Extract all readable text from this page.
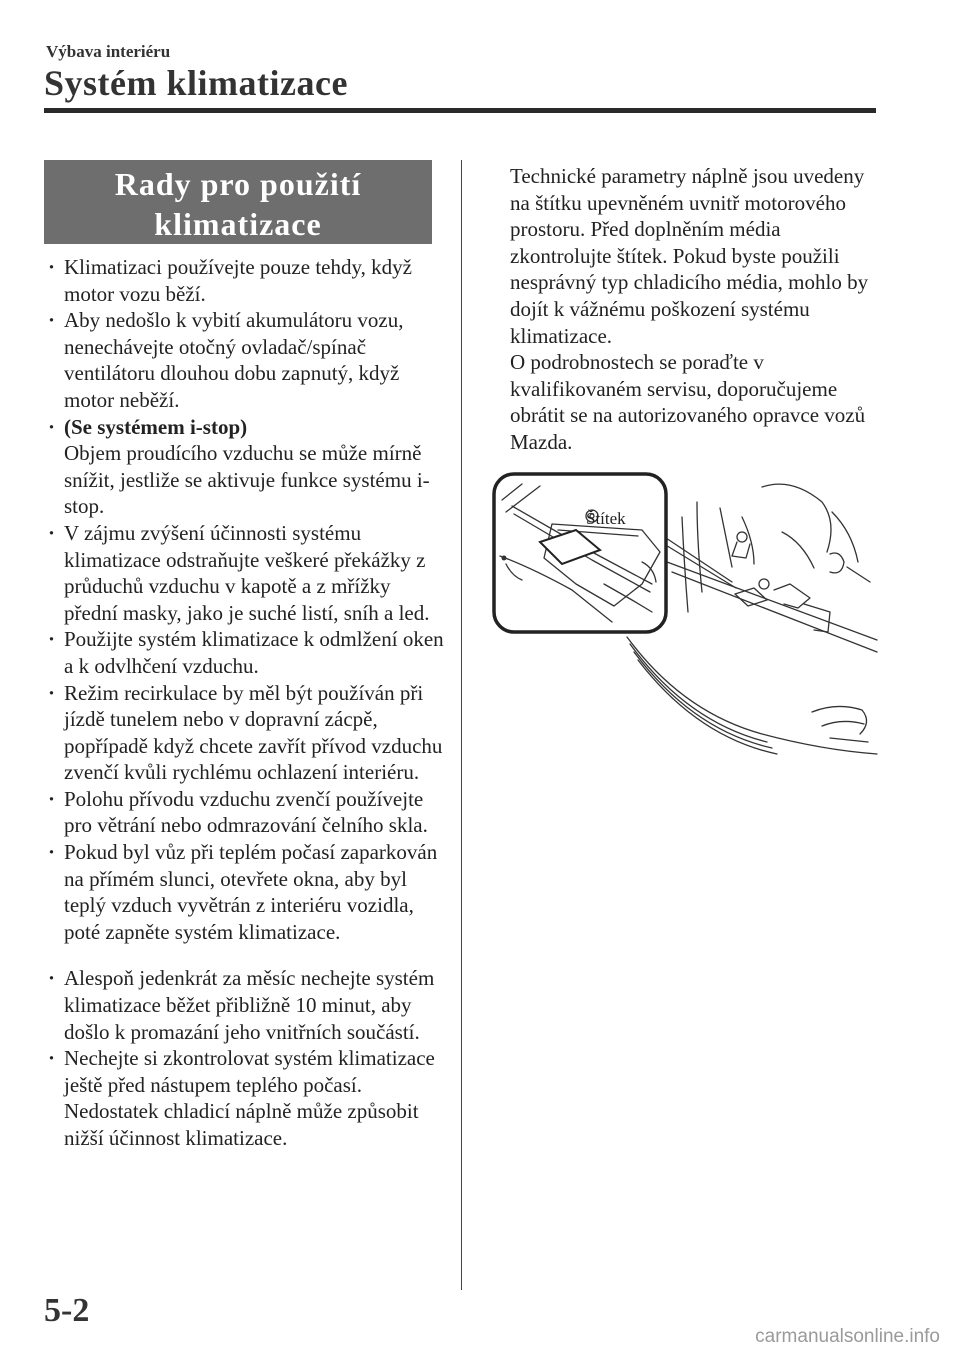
Výbava interiéru
Systém klimatizace
Rady pro použití
klimatizace
· Klimatizaci používejte pouze tehdy, když motor vozu běží.
· Aby nedošlo k vybití akumulátoru vozu, nenechávejte otočný ovladač/spínač ventilátoru dlouhou dobu zapnutý, když motor neběží.
· (Se systémem i-stop)
Objem proudícího vzduchu se může mírně snížit, jestliže se aktivuje funkce systému i-stop.
· V zájmu zvýšení účinnosti systému klimatizace odstraňujte veškeré překážky z průduchů vzduchu v kapotě a z mřížky přední masky, jako je suché listí, sníh a led.
· Použijte systém klimatizace k odmlžení oken a k odvlhčení vzduchu.
· Režim recirkulace by měl být používán při jízdě tunelem nebo v dopravní zácpě, popřípadě když chcete zavřít přívod vzduchu zvenčí kvůli rychlému ochlazení interiéru.
· Polohu přívodu vzduchu zvenčí používejte pro větrání nebo odmrazování čelního skla.
· Pokud byl vůz při teplém počasí zaparkován na přímém slunci, otevřete okna, aby byl teplý vzduch vyvětrán z interiéru vozidla, poté zapněte systém klimatizace.
· Alespoň jedenkrát za měsíc nechejte systém klimatizace běžet přibližně 10 minut, aby došlo k promazání jeho vnitřních součástí.
· Nechejte si zkontrolovat systém klimatizace ještě před nástupem teplého počasí. Nedostatek chladicí náplně může způsobit nižší účinnost klimatizace.

Technické parametry náplně jsou uvedeny na štítku upevněném uvnitř motorového prostoru. Před doplněním média zkontrolujte štítek. Pokud byste použili nesprávný typ chladicího média, mohlo by dojít k vážnému poškození systému klimatizace.

O podrobnostech se poraďte v kvalifikovaném servisu, doporučujeme obrátit se na autorizovaného opravce vozů Mazda.

Štítek
5-2
carmanualsonline.info
